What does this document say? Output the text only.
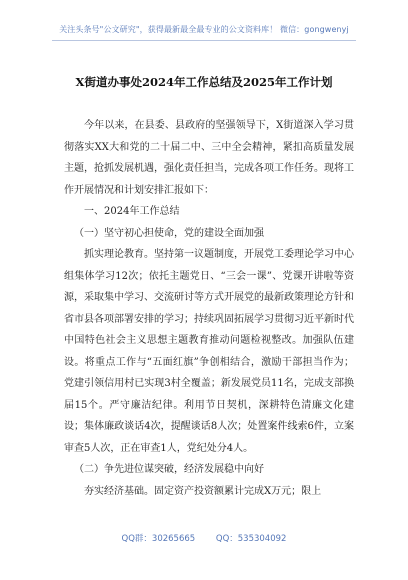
关注头条号"公文研究"，获得最新最全最专业的公文资料库！ 微信：gongwenyj
X街道办事处2024年工作总结及2025年工作计划

今年以来，在县委、县政府的坚强领导下，X街道深入学习贯彻落实XX大和党的二十届二中、三中全会精神，紧扣高质量发展主题，抢抓发展机遇，强化责任担当，完成各项工作任务。现将工作开展情况和计划安排汇报如下：

一、2024年工作总结

（一）坚守初心担使命，党的建设全面加强

抓实理论教育。坚持第一议题制度，开展党工委理论学习中心组集体学习12次；依托主题党日、“三会一课”、党课开讲啦等资源，采取集中学习、交流研讨等方式开展党的最新政策理论方针和省市县各项部署安排的学习；持续巩固拓展学习贯彻习近平新时代中国特色社会主义思想主题教育推动问题检视整改。加强队伍建设。将重点工作与“五面红旗”争创相结合，激励干部担当作为；党建引领信用村已实现3村全覆盖；新发展党员11名，完成支部换届15个。严守廉洁纪律。利用节日契机，深耕特色清廉文化建设；集体廉政谈话4次，提醒谈话8人次；处置案件线索6件，立案审查5人次，正在审查1人，党纪处分4人。

（二）争先进位谋突破，经济发展稳中向好

夯实经济基础。固定资产投资额累计完成X万元；限上

QQ群：30265665 QQ：535304092
